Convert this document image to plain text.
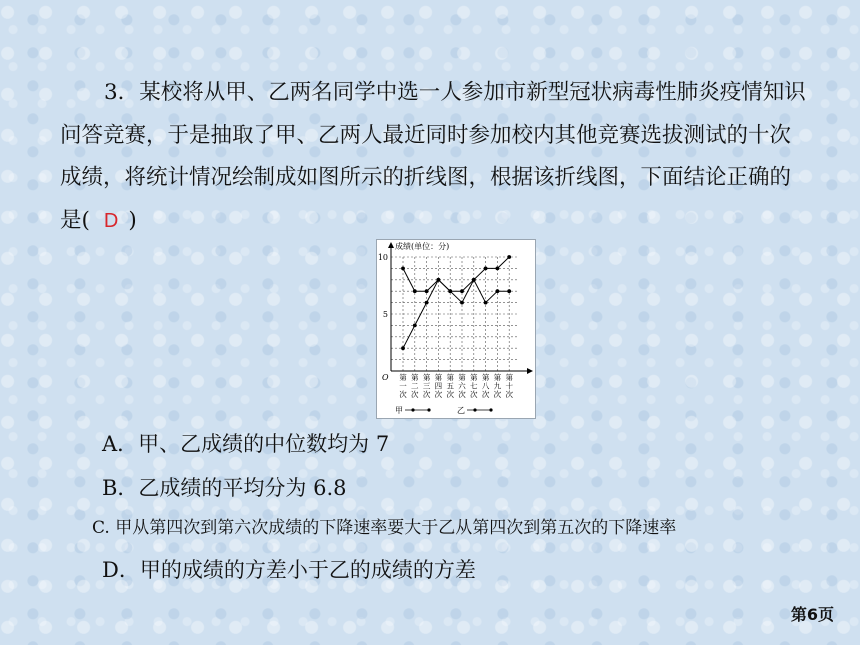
3．某校将从甲、乙两名同学中选一人参加市新型冠状病毒性肺炎疫情知识问答竞赛，于是抽取了甲、乙两人最近同时参加校内其他竞赛选拔测试的十次成绩，将统计情况绘制成如图所示的折线图，根据该折线图，下面结论正确的是( D )
成绩(单位：分)
O
5
10
第一次
第二次
第三次
第四次
第五次
第六次
第七次
第八次
第九次
第十次
甲	乙
A．甲、乙成绩的中位数均为 7
B．乙成绩的平均分为 6.8
C. 甲从第四次到第六次成绩的下降速率要大于乙从第四次到第五次的下降速率
D．甲的成绩的方差小于乙的成绩的方差
第6页
